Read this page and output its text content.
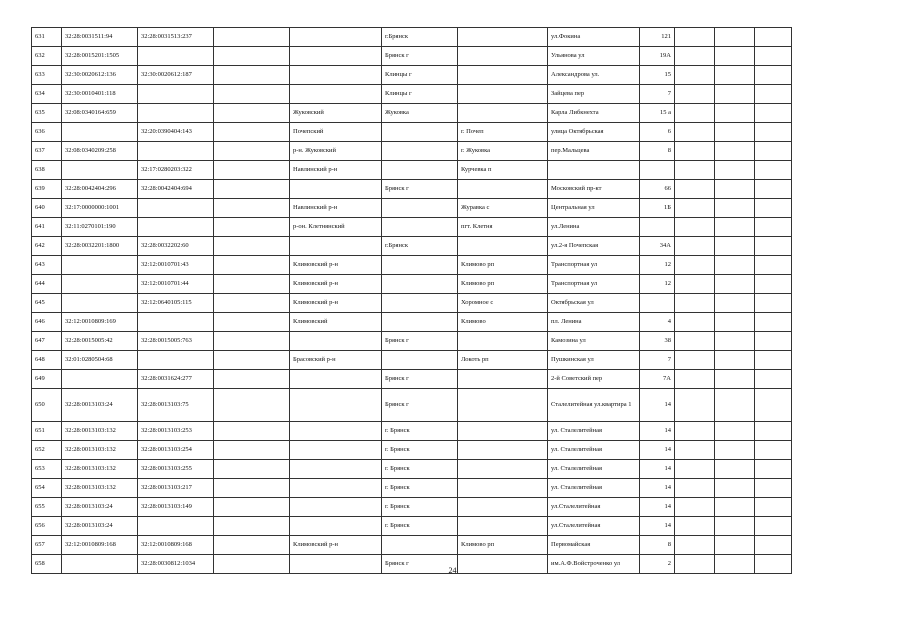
631	32:28:0031511:94	32:28:0031513:237			г.Брянск		ул.Фокина	121			
632	32:28:0015201:1505				Брянск г		Ульянова ул	19А			
633	32:30:0020612:136	32:30:0020612:187			Клинцы г		Александрова ул.	15			
634	32:30:0010401:118				Клинцы г		Зайцева пер	7			
635	32:08:0340164:659			Жуковский	Жуковка		Карла Либкнехта	15 а			
636		32:20:0390404:143		Почепский		г. Почеп	улица Октябрьская	6			
637	32:08:0340209:258			р-н. Жуковский		г. Жуковка	пер.Мальцева	8			
638		32:17:0280203:322		Навлинский р-н		Курчевка п					
639	32:28:0042404:296	32:28:0042404:694			Брянск г		Московский пр-кт	66			
640	32:17:0000000:1001			Навлинский р-н		Журавка с	Центральная ул	1Б			
641	32:11:0270101:190			р-он. Клетнянский		пгт. Клетня	ул.Ленина				
642	32:28:0032201:1800	32:28:0032202:60			г.Брянск		ул.2-я Почепская	34А			
643		32:12:0010701:43		Климовский р-н		Климово рп	Транспортная ул	12			
644		32:12:0010701:44		Климовский р-н		Климово рп	Транспортная ул	12			
645		32:12:0640105:115		Климовский р-н		Хоромное с	Октябрьская ул				
646	32:12:0010809:169			Климовский		Климово	пл. Ленина	4			
647	32:28:0015005:42	32:28:0015005:763			Брянск г		Камозина ул	38			
648	32:01:0280504:68			Брасовский р-н		Локоть рп	Пушкинская ул	7			
649		32:28:0031624:277			Брянск г		2-й Советский пер	7А			
650	32:28:0013103:24	32:28:0013103:75			Брянск г		Сталелитейная ул.квартира 1	14			
651	32:28:0013103:132	32:28:0013103:253			г. Брянск		ул. Сталелитейная	14			
652	32:28:0013103:132	32:28:0013103:254			г. Брянск		ул. Сталелитейная	14			
653	32:28:0013103:132	32:28:0013103:255			г. Брянск		ул. Сталелитейная	14			
654	32:28:0013103:132	32:28:0013103:217			г. Брянск		ул. Сталелитейная	14			
655	32:28:0013103:24	32:28:0013103:149			г. Брянск		ул.Сталелитейная	14			
656	32:28:0013103:24				г. Брянск		ул.Сталелитейная	14			
657	32:12:0010809:168	32:12:0010809:168		Климовский р-н		Климово рп	Первомайская	8			
658		32:28:0030812:1034			Брянск г		им.А.Ф.Войстроченко ул	2			
24
